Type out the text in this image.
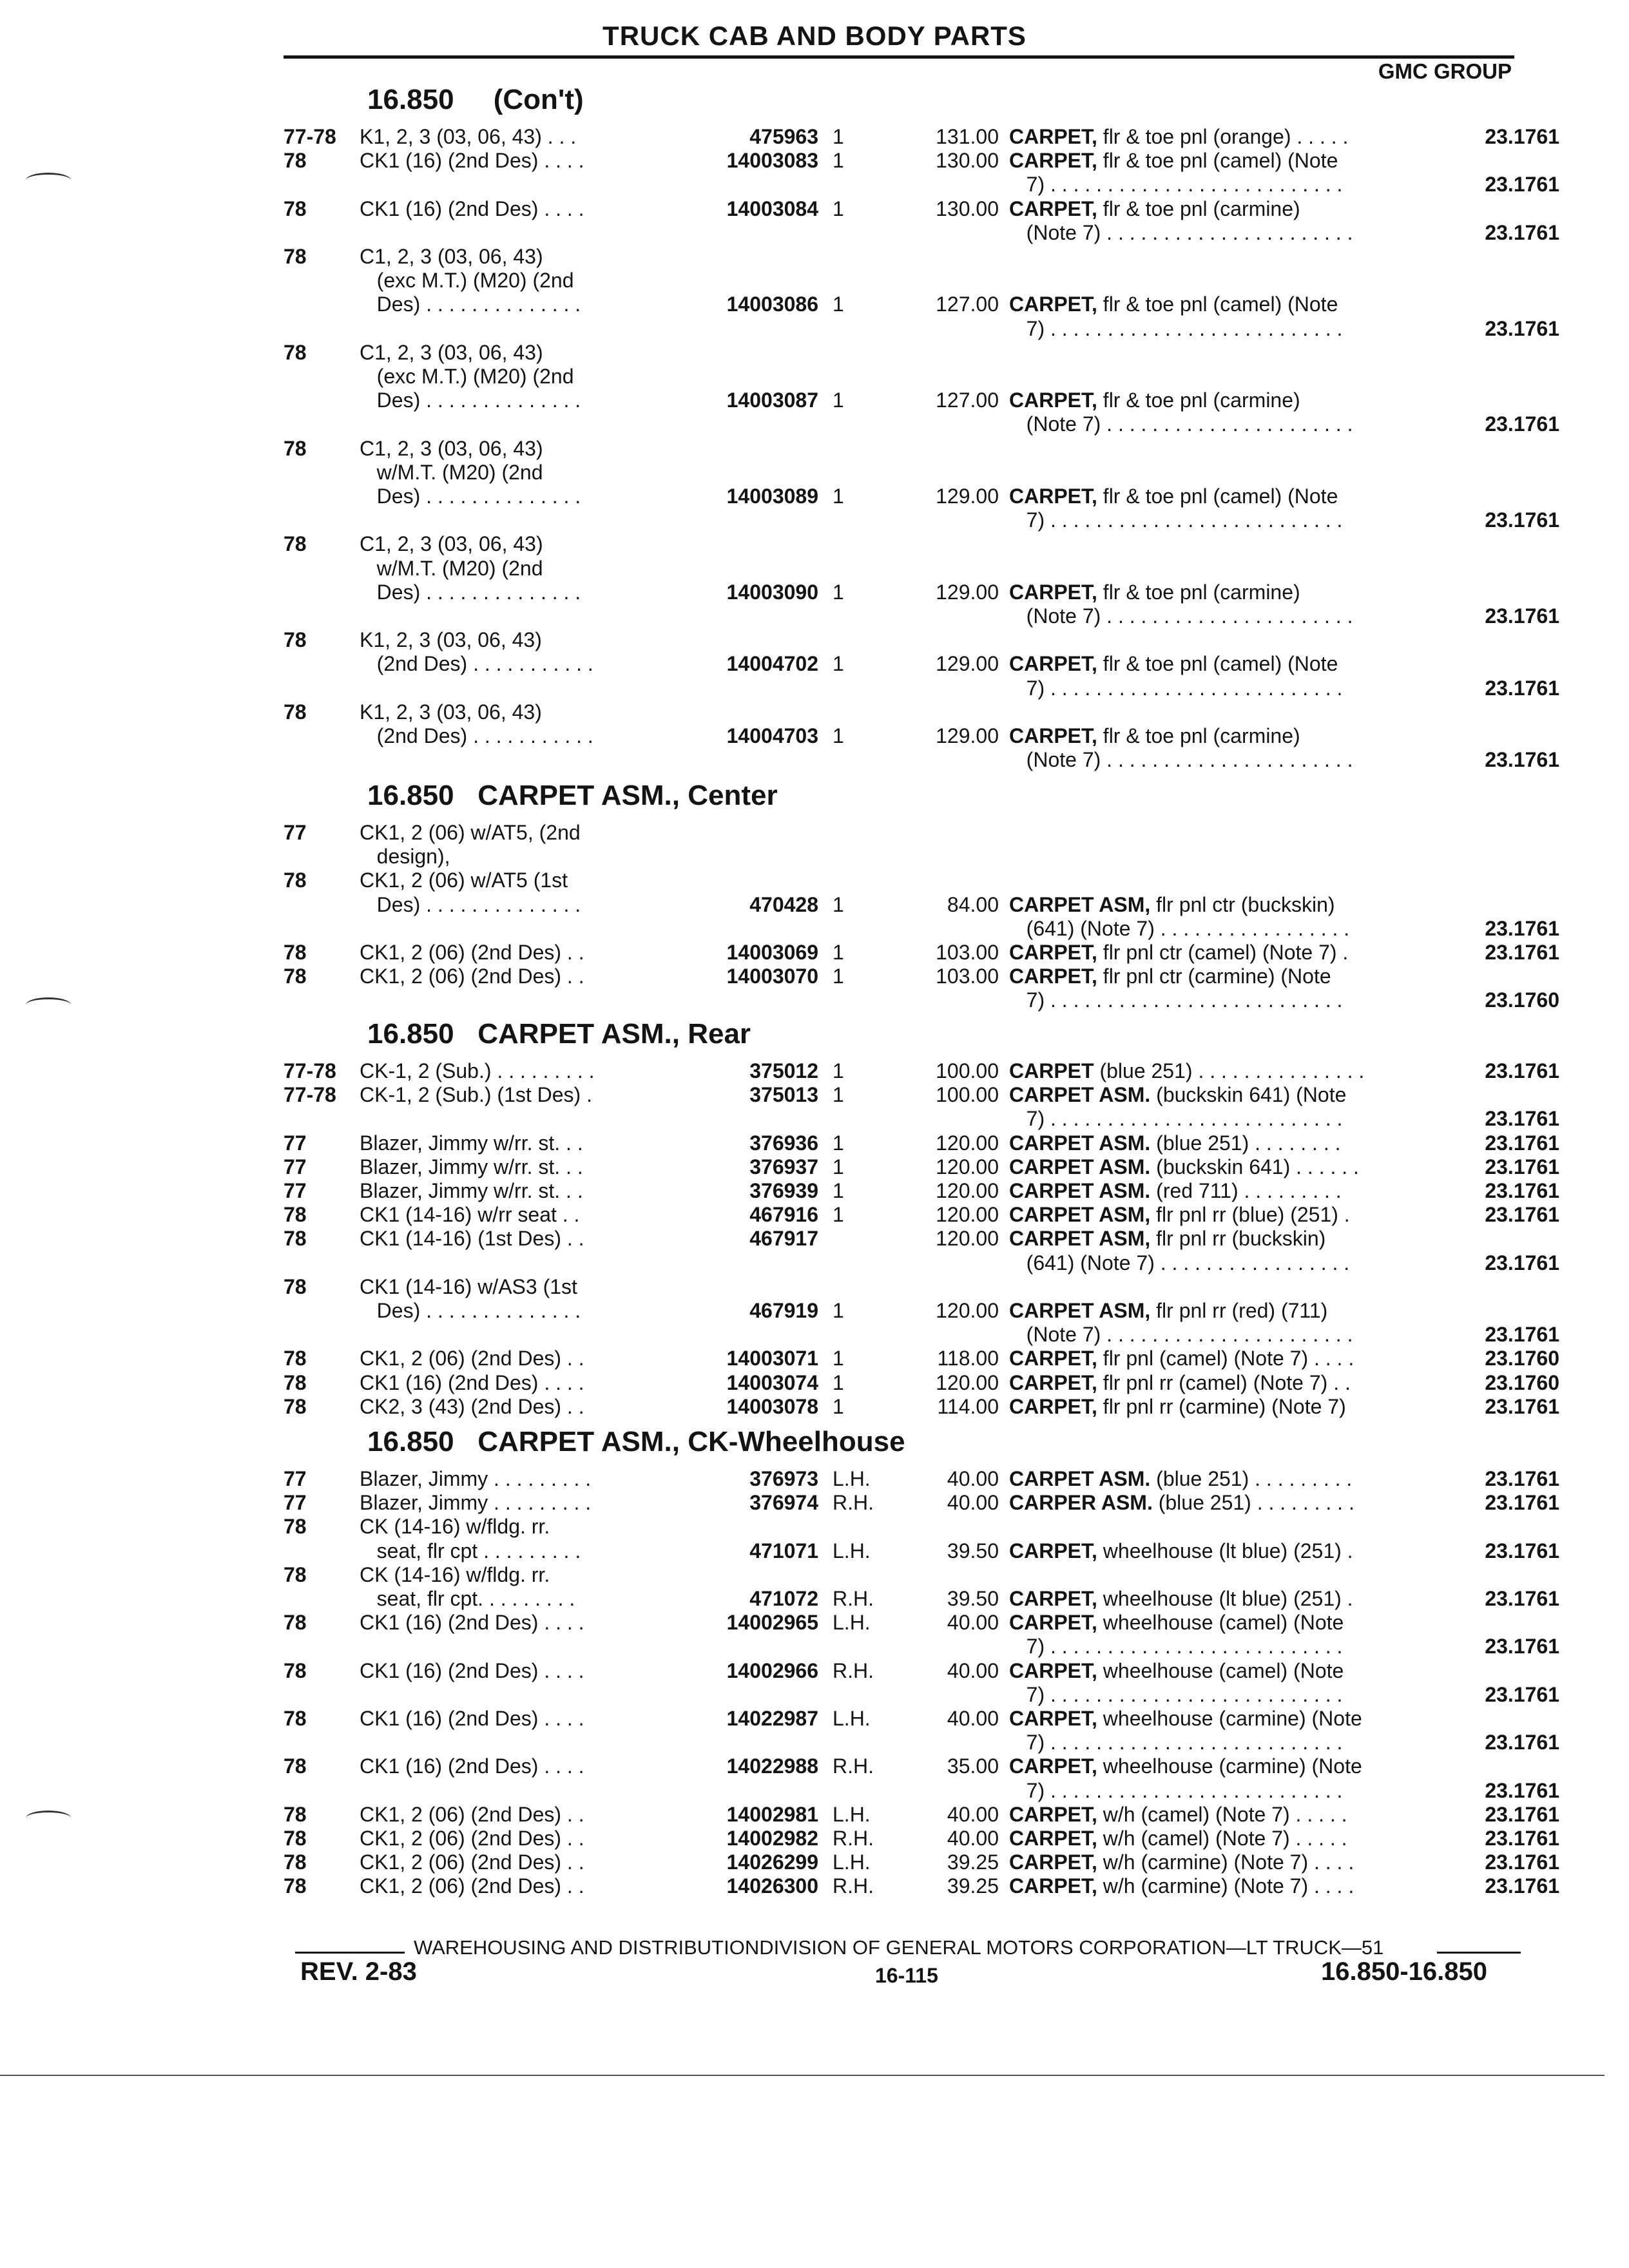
TRUCK CAB AND BODY PARTS
GMC GROUP
16.850     (Con't)
77-78	K1, 2, 3 (03, 06, 43) . . .	475963 1	131.00 CARPET, flr & toe pnl (orange) . . . . .	23.1761
78	CK1 (16) (2nd Des) . . . .	14003083 1	130.00 CARPET, flr & toe pnl (camel) (Note
7) . . . . . . . . . . . . . . . . . . . . . . . . . .	23.1761
78	CK1 (16) (2nd Des) . . . .	14003084 1	130.00 CARPET, flr & toe pnl (carmine)
(Note 7) . . . . . . . . . . . . . . . . . . . . . .	23.1761
78	C1, 2, 3 (03, 06, 43)
(exc M.T.) (M20) (2nd
Des) . . . . . . . . . . . . . .	14003086 1	127.00 CARPET, flr & toe pnl (camel) (Note
7) . . . . . . . . . . . . . . . . . . . . . . . . . .	23.1761
78	C1, 2, 3 (03, 06, 43)
(exc M.T.) (M20) (2nd
Des) . . . . . . . . . . . . . .	14003087 1	127.00 CARPET, flr & toe pnl (carmine)
(Note 7) . . . . . . . . . . . . . . . . . . . . . .	23.1761
78	C1, 2, 3 (03, 06, 43)
w/M.T. (M20) (2nd
Des) . . . . . . . . . . . . . .	14003089 1	129.00 CARPET, flr & toe pnl (camel) (Note
7) . . . . . . . . . . . . . . . . . . . . . . . . . .	23.1761
78	C1, 2, 3 (03, 06, 43)
w/M.T. (M20) (2nd
Des) . . . . . . . . . . . . . .	14003090 1	129.00 CARPET, flr & toe pnl (carmine)
(Note 7) . . . . . . . . . . . . . . . . . . . . . .	23.1761
78	K1, 2, 3 (03, 06, 43)
(2nd Des) . . . . . . . . . . .	14004702 1	129.00 CARPET, flr & toe pnl (camel) (Note
7) . . . . . . . . . . . . . . . . . . . . . . . . . .	23.1761
78	K1, 2, 3 (03, 06, 43)
(2nd Des) . . . . . . . . . . .	14004703 1	129.00 CARPET, flr & toe pnl (carmine)
(Note 7) . . . . . . . . . . . . . . . . . . . . . .	23.1761
16.850   CARPET ASM., Center
77	CK1, 2 (06) w/AT5, (2nd
design),
78	CK1, 2 (06) w/AT5 (1st
Des) . . . . . . . . . . . . . .	470428 1	84.00 CARPET ASM, flr pnl ctr (buckskin)
(641) (Note 7) . . . . . . . . . . . . . . . . .	23.1761
78	CK1, 2 (06) (2nd Des) . .	14003069 1	103.00 CARPET, flr pnl ctr (camel) (Note 7) .	23.1761
78	CK1, 2 (06) (2nd Des) . .	14003070 1	103.00 CARPET, flr pnl ctr (carmine) (Note
7) . . . . . . . . . . . . . . . . . . . . . . . . . .	23.1760
16.850   CARPET ASM., Rear
77-78	CK-1, 2 (Sub.) . . . . . . . . .	375012 1	100.00 CARPET (blue 251) . . . . . . . . . . . . . . .	23.1761
77-78	CK-1, 2 (Sub.) (1st Des) .	375013 1	100.00 CARPET ASM. (buckskin 641) (Note
7) . . . . . . . . . . . . . . . . . . . . . . . . . .	23.1761
77	Blazer, Jimmy w/rr. st. . .	376936 1	120.00 CARPET ASM. (blue 251) . . . . . . . .	23.1761
77	Blazer, Jimmy w/rr. st. . .	376937 1	120.00 CARPET ASM. (buckskin 641) . . . . . .	23.1761
77	Blazer, Jimmy w/rr. st. . .	376939 1	120.00 CARPET ASM. (red 711) . . . . . . . . .	23.1761
78	CK1 (14-16) w/rr seat . .	467916 1	120.00 CARPET ASM, flr pnl rr (blue) (251) .	23.1761
78	CK1 (14-16) (1st Des) . .	467917	120.00 CARPET ASM, flr pnl rr (buckskin)
(641) (Note 7) . . . . . . . . . . . . . . . . .	23.1761
78	CK1 (14-16) w/AS3 (1st
Des) . . . . . . . . . . . . . .	467919 1	120.00 CARPET ASM, flr pnl rr (red) (711)
(Note 7) . . . . . . . . . . . . . . . . . . . . . .	23.1761
78	CK1, 2 (06) (2nd Des) . .	14003071 1	118.00 CARPET, flr pnl (camel) (Note 7) . . . .	23.1760
78	CK1 (16) (2nd Des) . . . .	14003074 1	120.00 CARPET, flr pnl rr (camel) (Note 7) . .	23.1760
78	CK2, 3 (43) (2nd Des) . .	14003078 1	114.00 CARPET, flr pnl rr (carmine) (Note 7)	23.1761
16.850   CARPET ASM., CK-Wheelhouse
77	Blazer, Jimmy . . . . . . . . .	376973 L.H.	40.00 CARPET ASM. (blue 251) . . . . . . . . .	23.1761
77	Blazer, Jimmy . . . . . . . . .	376974 R.H.	40.00 CARPER ASM. (blue 251) . . . . . . . . .	23.1761
78	CK (14-16) w/fldg. rr.
seat, flr cpt . . . . . . . . .	471071 L.H.	39.50 CARPET, wheelhouse (lt blue) (251) .	23.1761
78	CK (14-16) w/fldg. rr.
seat, flr cpt. . . . . . . . .	471072 R.H.	39.50 CARPET, wheelhouse (lt blue) (251) .	23.1761
78	CK1 (16) (2nd Des) . . . .	14002965 L.H.	40.00 CARPET, wheelhouse (camel) (Note
7) . . . . . . . . . . . . . . . . . . . . . . . . . .	23.1761
78	CK1 (16) (2nd Des) . . . .	14002966 R.H.	40.00 CARPET, wheelhouse (camel) (Note
7) . . . . . . . . . . . . . . . . . . . . . . . . . .	23.1761
78	CK1 (16) (2nd Des) . . . .	14022987 L.H.	40.00 CARPET, wheelhouse (carmine) (Note
7) . . . . . . . . . . . . . . . . . . . . . . . . . .	23.1761
78	CK1 (16) (2nd Des) . . . .	14022988 R.H.	35.00 CARPET, wheelhouse (carmine) (Note
7) . . . . . . . . . . . . . . . . . . . . . . . . . .	23.1761
78	CK1, 2 (06) (2nd Des) . .	14002981 L.H.	40.00 CARPET, w/h (camel) (Note 7) . . . . .	23.1761
78	CK1, 2 (06) (2nd Des) . .	14002982 R.H.	40.00 CARPET, w/h (camel) (Note 7) . . . . .	23.1761
78	CK1, 2 (06) (2nd Des) . .	14026299 L.H.	39.25 CARPET, w/h (carmine) (Note 7) . . . .	23.1761
78	CK1, 2 (06) (2nd Des) . .	14026300 R.H.	39.25 CARPET, w/h (carmine) (Note 7) . . . .	23.1761
WAREHOUSING AND DISTRIBUTIONDIVISION OF GENERAL MOTORS CORPORATION—LT TRUCK—51
REV. 2-83	16-115	16.850-16.850
